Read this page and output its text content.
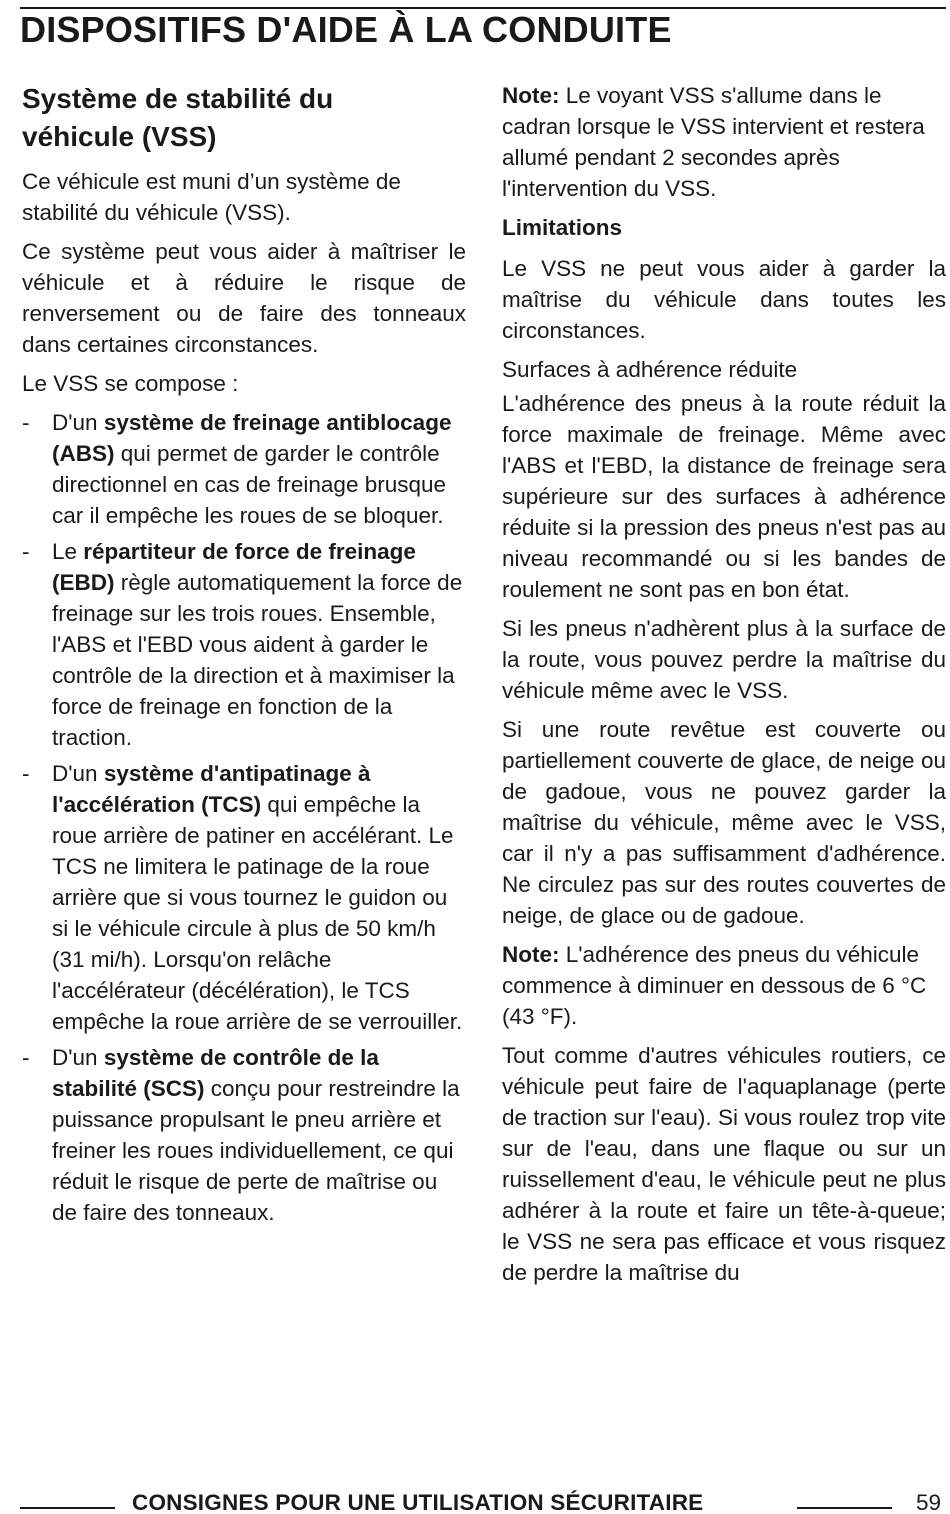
DISPOSITIFS D'AIDE À LA CONDUITE
Système de stabilité du
véhicule (VSS)

Ce véhicule est muni d’un système de stabilité du véhicule (VSS).

Ce système peut vous aider à maîtriser le véhicule et à réduire le risque de renversement ou de faire des tonneaux dans certaines circonstances.

Le VSS se compose :

- D'un système de freinage antiblocage (ABS) qui permet de garder le contrôle directionnel en cas de freinage brusque car il empêche les roues de se bloquer.
- Le répartiteur de force de freinage (EBD) règle automatiquement la force de freinage sur les trois roues. Ensemble, l'ABS et l'EBD vous aident à garder le contrôle de la direction et à maximiser la force de freinage en fonction de la traction.
- D'un système d'antipatinage à l'accélération (TCS) qui empêche la roue arrière de patiner en accélérant. Le TCS ne limitera le patinage de la roue arrière que si vous tournez le guidon ou si le véhicule circule à plus de 50 km/h (31 mi/h). Lorsqu'on relâche l'accélérateur (décélération), le TCS empêche la roue arrière de se verrouiller.
- D'un système de contrôle de la stabilité (SCS) conçu pour restreindre la puissance propulsant le pneu arrière et freiner les roues individuellement, ce qui réduit le risque de perte de maîtrise ou de faire des tonneaux.

Note: Le voyant VSS s'allume dans le cadran lorsque le VSS intervient et restera allumé pendant 2 secondes après l'intervention du VSS.

Limitations

Le VSS ne peut vous aider à garder la maîtrise du véhicule dans toutes les circonstances.

Surfaces à adhérence réduite

L'adhérence des pneus à la route réduit la force maximale de freinage. Même avec l'ABS et l'EBD, la distance de freinage sera supérieure sur des surfaces à adhérence réduite si la pression des pneus n'est pas au niveau recommandé ou si les bandes de roulement ne sont pas en bon état.

Si les pneus n'adhèrent plus à la surface de la route, vous pouvez perdre la maîtrise du véhicule même avec le VSS.

Si une route revêtue est couverte ou partiellement couverte de glace, de neige ou de gadoue, vous ne pouvez garder la maîtrise du véhicule, même avec le VSS, car il n'y a pas suffisamment d'adhérence. Ne circulez pas sur des routes couvertes de neige, de glace ou de gadoue.

Note: L'adhérence des pneus du véhicule commence à diminuer en dessous de 6 °C (43 °F).

Tout comme d'autres véhicules routiers, ce véhicule peut faire de l'aquaplanage (perte de traction sur l'eau). Si vous roulez trop vite sur de l'eau, dans une flaque ou sur un ruissellement d'eau, le véhicule peut ne plus adhérer à la route et faire un tête-à-queue; le VSS ne sera pas efficace et vous risquez de perdre la maîtrise du

CONSIGNES POUR UNE UTILISATION SÉCURITAIRE	59
